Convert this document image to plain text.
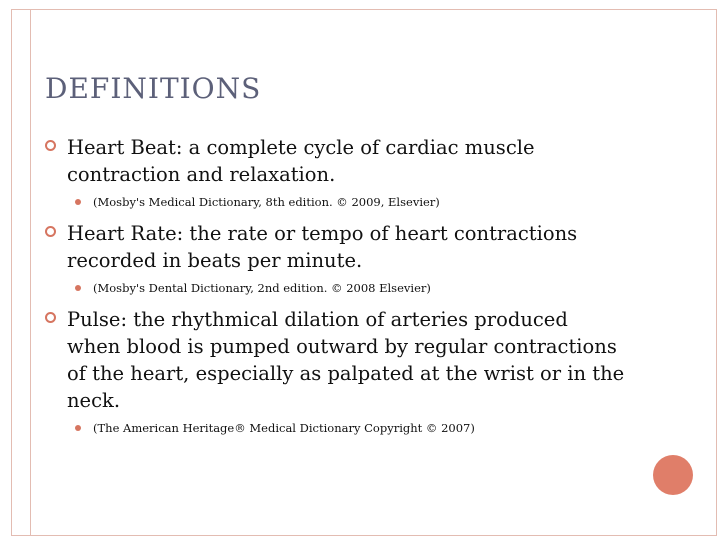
DEFINITIONS

Heart Beat: a complete cycle of cardiac muscle contraction and relaxation.

(Mosby's Medical Dictionary, 8th edition. © 2009, Elsevier)

Heart Rate: the rate or tempo of heart contractions recorded in beats per minute.

(Mosby's Dental Dictionary, 2nd edition. © 2008 Elsevier)

Pulse: the rhythmical dilation of arteries produced when blood is pumped outward by regular contractions of the heart, especially as palpated at the wrist or in the neck.

(The American Heritage® Medical Dictionary Copyright © 2007)
